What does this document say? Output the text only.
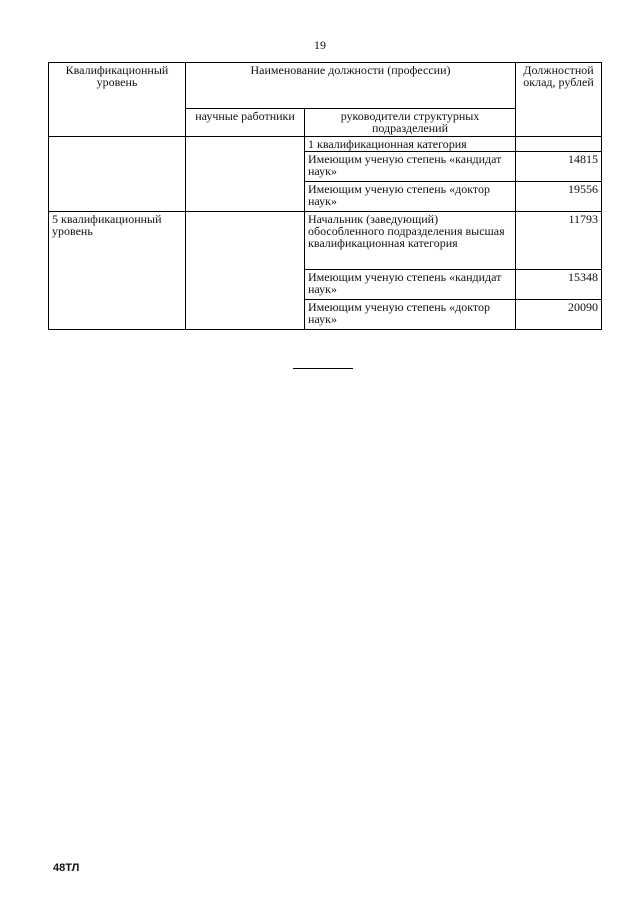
19
Квалификационный уровень	Наименование должности (профессии)		Должностной оклад, рублей
	научные работники	руководители структурных подразделений	
		1 квалификационная категория	
		Имеющим ученую степень «кандидат наук»	14815
		Имеющим ученую степень «доктор наук»	19556
5 квалификационный уровень		Начальник (заведующий) обособленного подразделения высшая квалификационная категория	11793
		Имеющим ученую степень «кандидат наук»	15348
		Имеющим ученую степень «доктор наук»	20090
48ТЛ
